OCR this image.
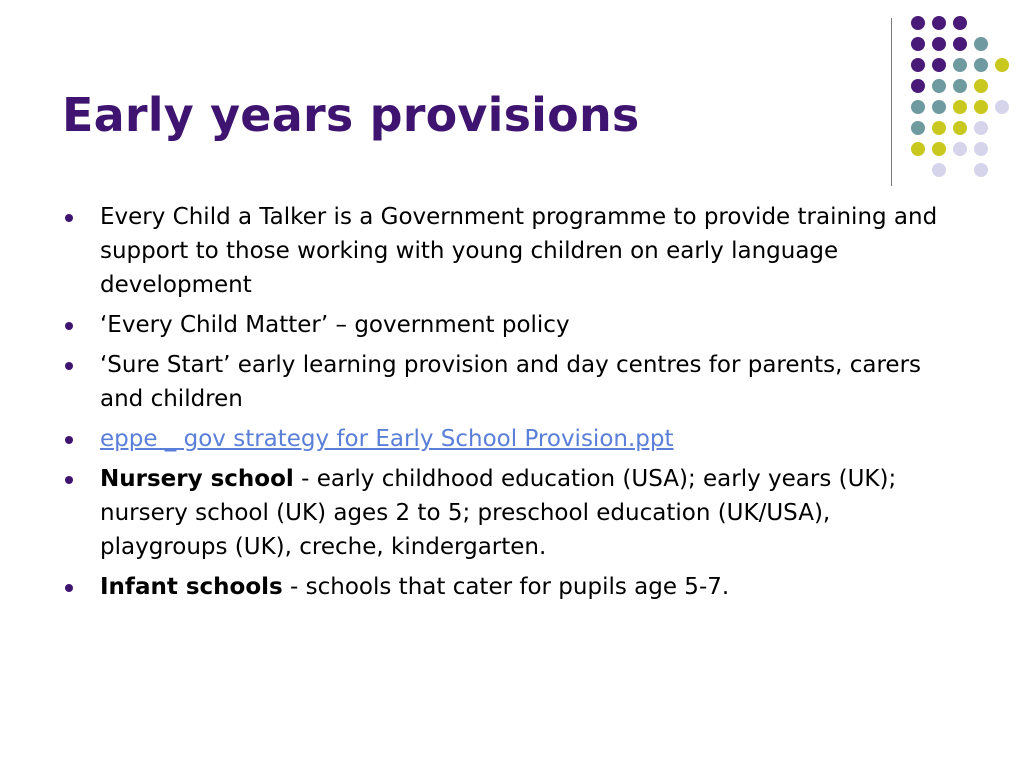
Early years provisions
Every Child a Talker is a Government programme to provide training and support to those working with young children on early language development
‘Every Child Matter’ – government policy
‘Sure Start’ early learning provision and day centres for parents, carers and children
eppe _ gov strategy for Early School Provision.ppt
Nursery school - early childhood education (USA); early years (UK); nursery school (UK) ages 2 to 5; preschool education (UK/USA), playgroups (UK), creche, kindergarten.
Infant schools - schools that cater for pupils age 5-7.
